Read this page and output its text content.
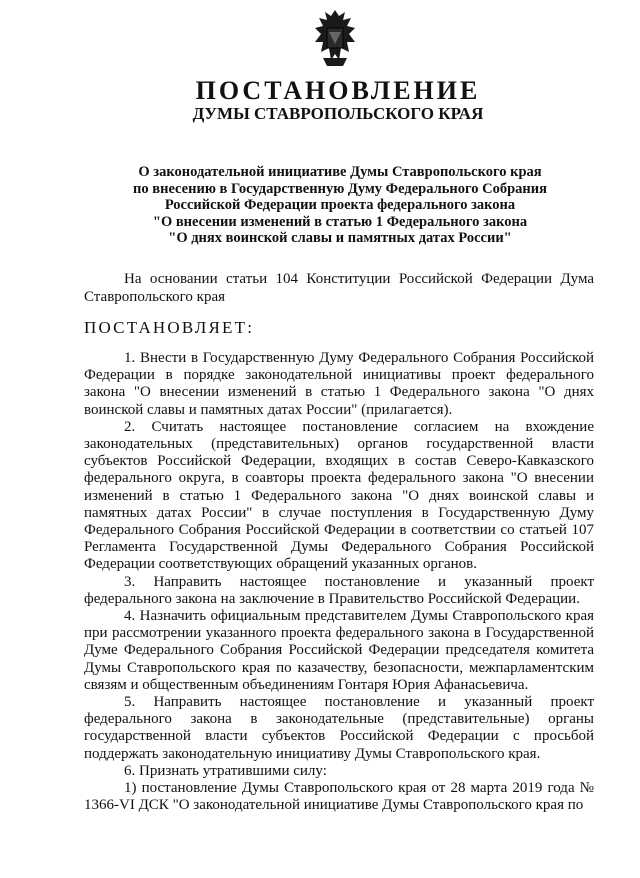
ПОСТАНОВЛЕНИЕ
ДУМЫ СТАВРОПОЛЬСКОГО КРАЯ
О законодательной инициативе Думы Ставропольского края
по внесению в Государственную Думу Федерального Собрания
Российской Федерации проекта федерального закона
"О внесении изменений в статью 1 Федерального закона
"О днях воинской славы и памятных датах России"
На основании статьи 104 Конституции Российской Федерации Дума Ставропольского края
ПОСТАНОВЛЯЕТ:

1. Внести в Государственную Думу Федерального Собрания Российской Федерации в порядке законодательной инициативы проект федерального закона "О внесении изменений в статью 1 Федерального закона "О днях воинской славы и памятных датах России" (прилагается).

2. Считать настоящее постановление согласием на вхождение законодательных (представительных) органов государственной власти субъектов Российской Федерации, входящих в состав Северо-Кавказского федерального округа, в соавторы проекта федерального закона "О внесении изменений в статью 1 Федерального закона "О днях воинской славы и памятных датах России" в случае поступления в Государственную Думу Федерального Собрания Российской Федерации в соответствии со статьей 107 Регламента Государственной Думы Федерального Собрания Российской Федерации соответствующих обращений указанных органов.

3. Направить настоящее постановление и указанный проект федерального закона на заключение в Правительство Российской Федерации.

4. Назначить официальным представителем Думы Ставропольского края при рассмотрении указанного проекта федерального закона в Государственной Думе Федерального Собрания Российской Федерации председателя комитета Думы Ставропольского края по казачеству, безопасности, межпарламентским связям и общественным объединениям Гонтаря Юрия Афанасьевича.

5. Направить настоящее постановление и указанный проект федерального закона в законодательные (представительные) органы государственной власти субъектов Российской Федерации с просьбой поддержать законодательную инициативу Думы Ставропольского края.

6. Признать утратившими силу:

1) постановление Думы Ставропольского края от 28 марта 2019 года № 1366-VI ДСК "О законодательной инициативе Думы Ставропольского края по
